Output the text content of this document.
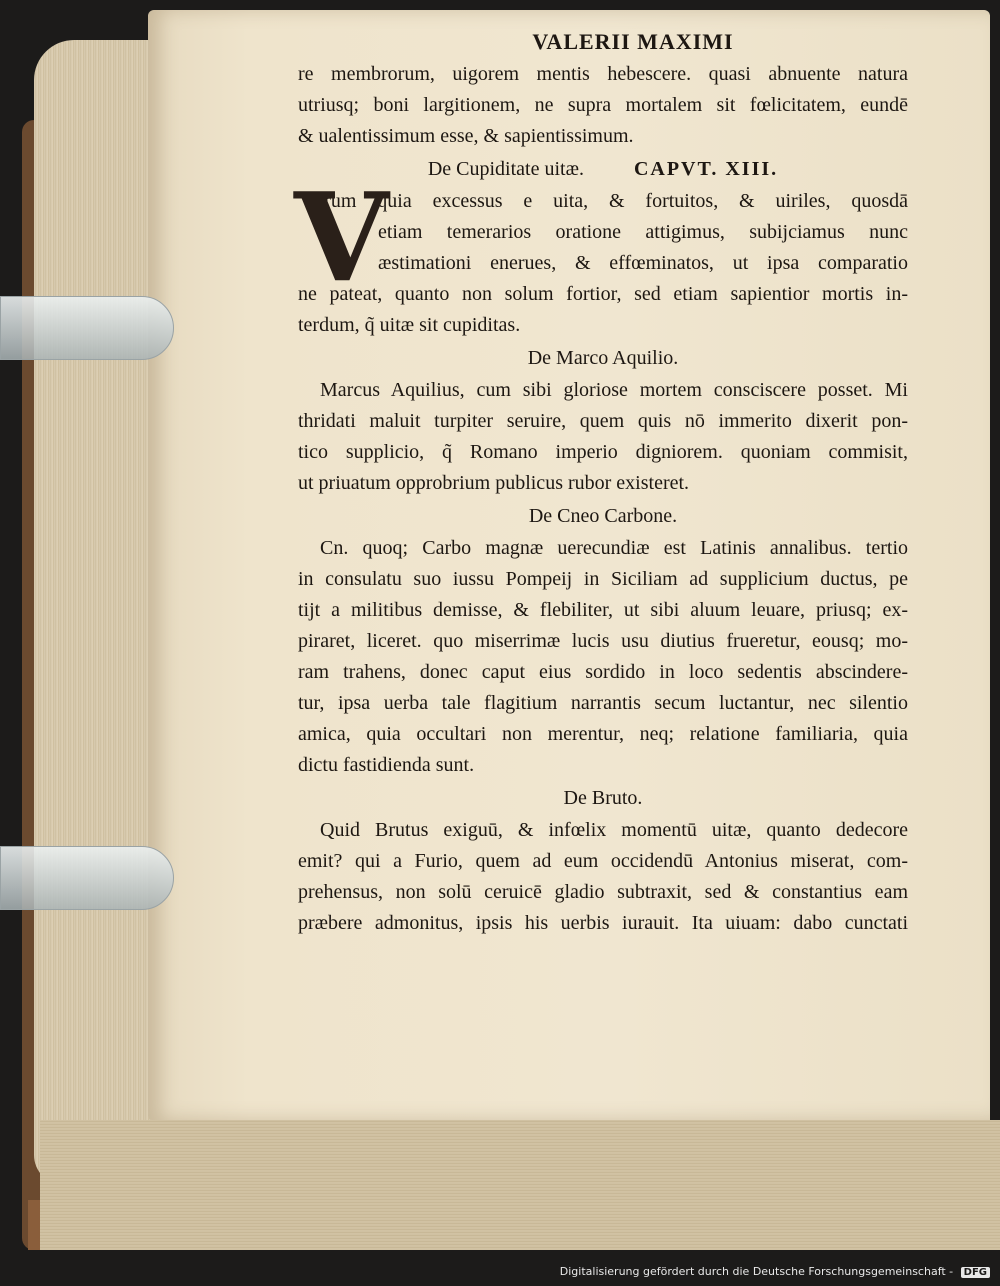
VALERII MAXIMI
re membrorum, uigorem mentis hebescere. quasi abnuente natura
utriusq; boni largitionem, ne supra mortalem sit fœlicitatem, eundē
& ualentissimum esse, & sapientissimum.
De Cupiditate uitæ.	CAPVT. XIII.
V
Erum quia excessus e uita, & fortuitos, & uiriles, quosdā
etiam temerarios oratione attigimus, subijciamus nunc
æstimationi enerues, & effœminatos, ut ipsa comparatio
ne pateat, quanto non solum fortior, sed etiam sapientior mortis in-
terdum, q̃ uitæ sit cupiditas.
De Marco Aquilio.
Marcus Aquilius, cum sibi gloriose mortem consciscere posset. Mi
thridati maluit turpiter seruire, quem quis nō immerito dixerit pon-
tico supplicio, q̃ Romano imperio digniorem. quoniam commisit,
ut priuatum opprobrium publicus rubor existeret.
De Cneo Carbone.
Cn. quoq; Carbo magnæ uerecundiæ est Latinis annalibus. tertio
in consulatu suo iussu Pompeij in Siciliam ad supplicium ductus, pe
tijt a militibus demisse, & flebiliter, ut sibi aluum leuare, priusq; ex-
piraret, liceret. quo miserrimæ lucis usu diutius frueretur, eousq; mo-
ram trahens, donec caput eius sordido in loco sedentis abscindere-
tur, ipsa uerba tale flagitium narrantis secum luctantur, nec silentio
amica, quia occultari non merentur, neq; relatione familiaria, quia
dictu fastidienda sunt.
De Bruto.
Quid Brutus exiguū, & infœlix momentū uitæ, quanto dedecore
emit? qui a Furio, quem ad eum occidendū Antonius miserat, com-
prehensus, non solū ceruicē gladio subtraxit, sed & constantius eam
præbere admonitus, ipsis his uerbis iurauit. Ita uiuam: dabo cunctati
Digitalisierung gefördert durch die Deutsche Forschungsgemeinschaft - DFG
